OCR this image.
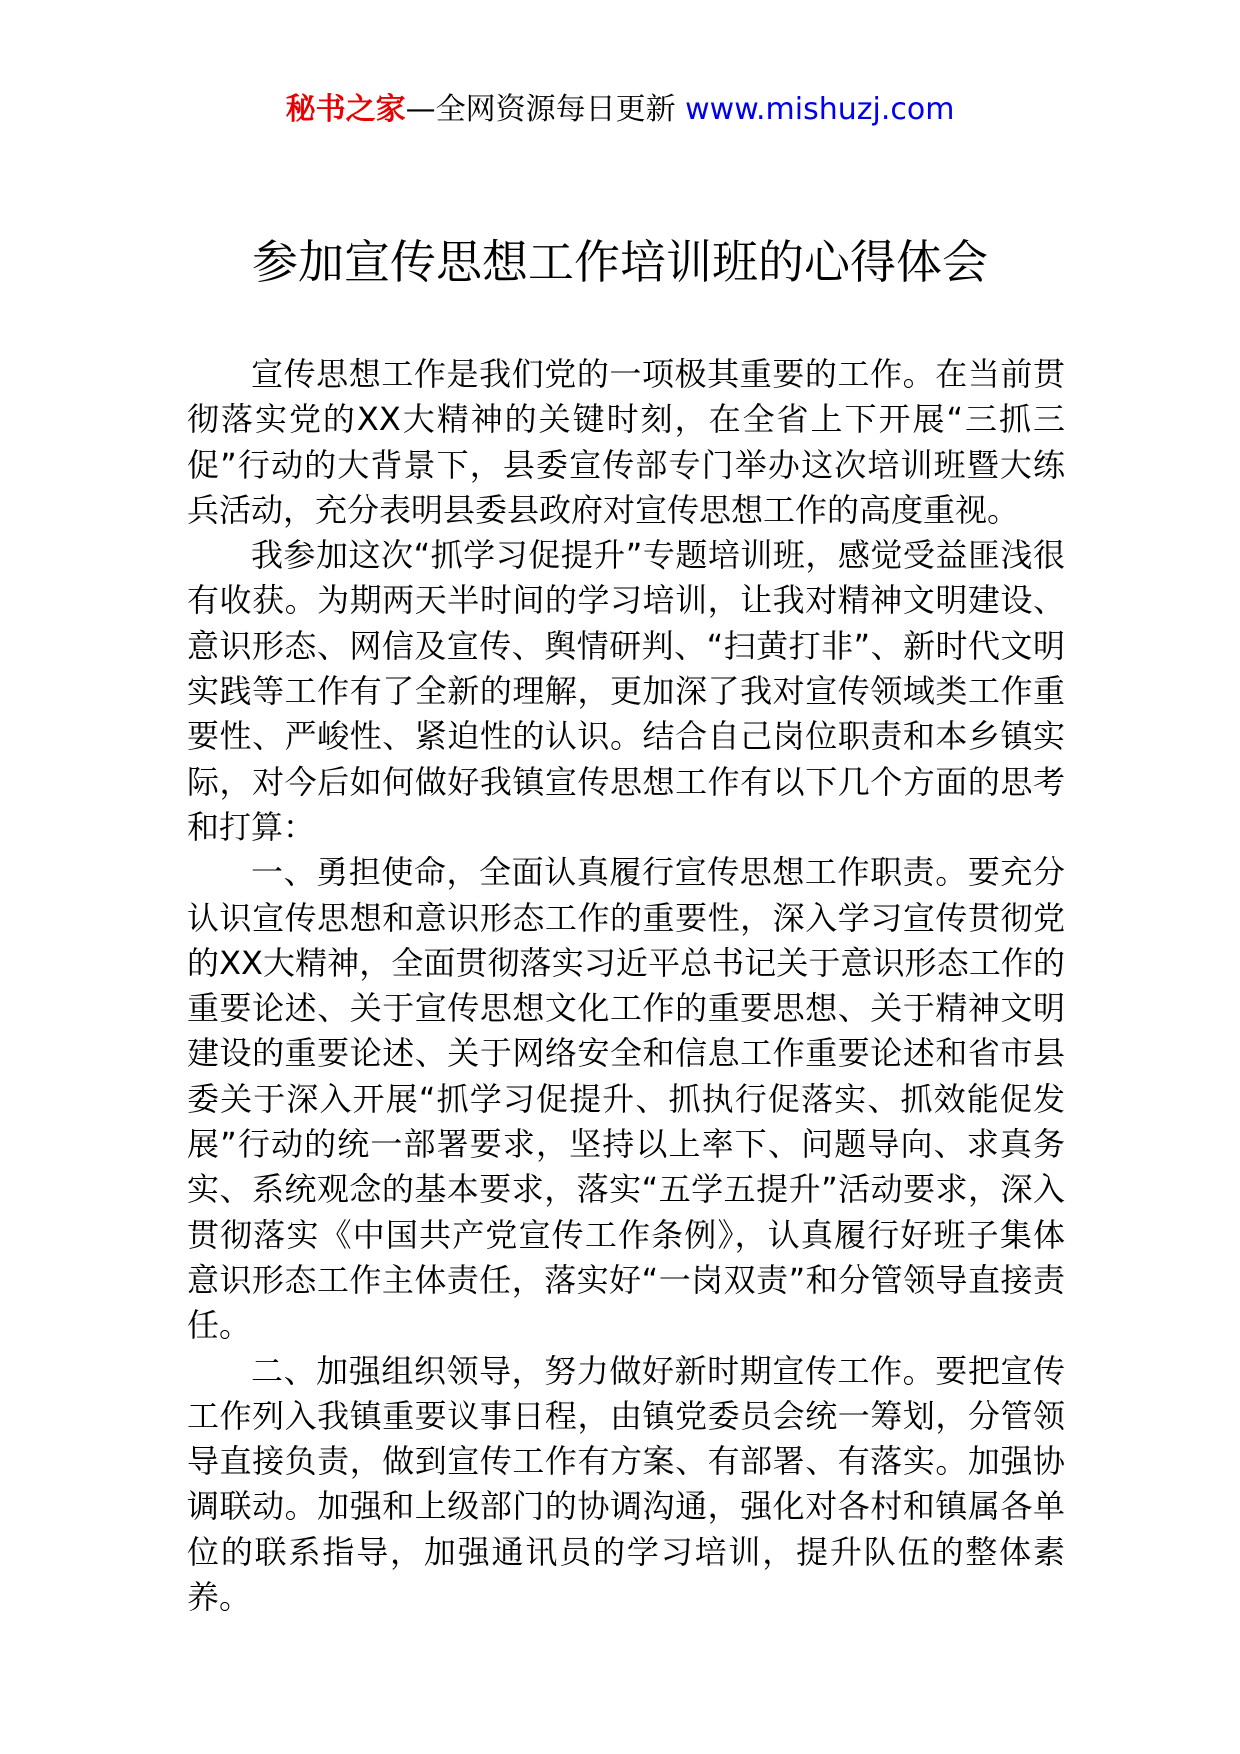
秘书之家—全网资源每日更新 www.mishuzj.com
参加宣传思想工作培训班的心得体会

宣传思想工作是我们党的一项极其重要的工作。在当前贯彻落实党的XX大精神的关键时刻，在全省上下开展“三抓三促”行动的大背景下，县委宣传部专门举办这次培训班暨大练兵活动，充分表明县委县政府对宣传思想工作的高度重视。

我参加这次“抓学习促提升”专题培训班，感觉受益匪浅很有收获。为期两天半时间的学习培训，让我对精神文明建设、意识形态、网信及宣传、舆情研判、“扫黄打非”、新时代文明实践等工作有了全新的理解，更加深了我对宣传领域类工作重要性、严峻性、紧迫性的认识。结合自己岗位职责和本乡镇实际，对今后如何做好我镇宣传思想工作有以下几个方面的思考和打算：

一、勇担使命，全面认真履行宣传思想工作职责。要充分认识宣传思想和意识形态工作的重要性，深入学习宣传贯彻党的XX大精神，全面贯彻落实习近平总书记关于意识形态工作的重要论述、关于宣传思想文化工作的重要思想、关于精神文明建设的重要论述、关于网络安全和信息工作重要论述和省市县委关于深入开展“抓学习促提升、抓执行促落实、抓效能促发展”行动的统一部署要求，坚持以上率下、问题导向、求真务实、系统观念的基本要求，落实“五学五提升”活动要求，深入贯彻落实《中国共产党宣传工作条例》，认真履行好班子集体意识形态工作主体责任，落实好“一岗双责”和分管领导直接责任。

二、加强组织领导，努力做好新时期宣传工作。要把宣传工作列入我镇重要议事日程，由镇党委员会统一筹划，分管领导直接负责，做到宣传工作有方案、有部署、有落实。加强协调联动。加强和上级部门的协调沟通，强化对各村和镇属各单位的联系指导，加强通讯员的学习培训，提升队伍的整体素养。
